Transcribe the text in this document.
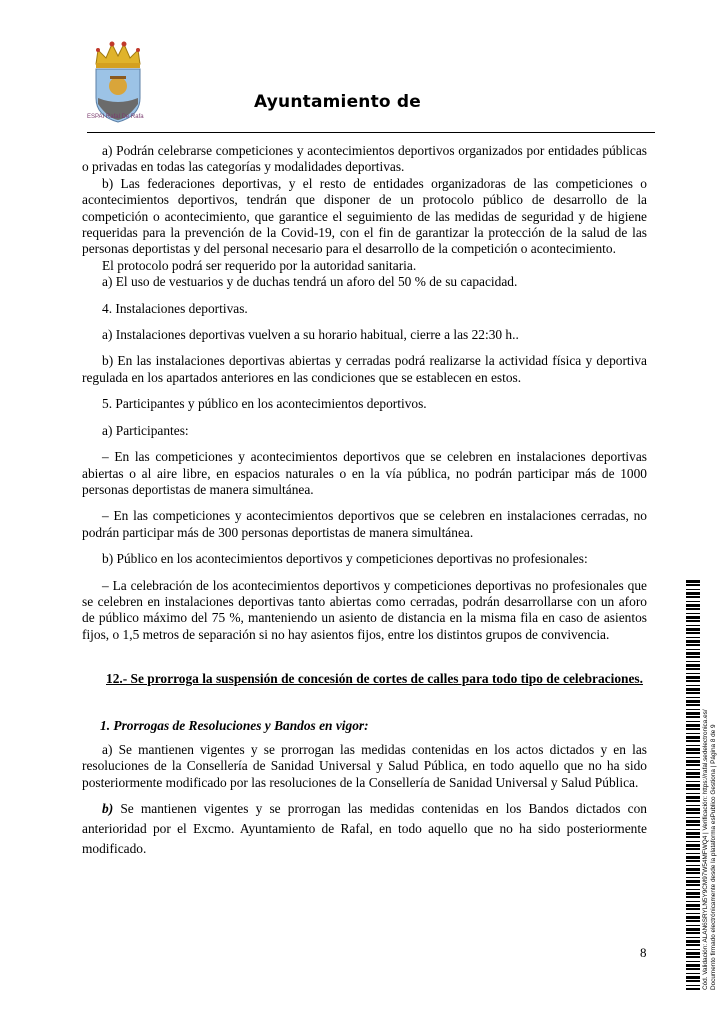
ESPAI Rafal De Rafa
Ayuntamiento de

a) Podrán celebrarse competiciones y acontecimientos deportivos organizados por entidades públicas o privadas en todas las categorías y modalidades deportivas.

b) Las federaciones deportivas, y el resto de entidades organizadoras de las competiciones o acontecimientos deportivos, tendrán que disponer de un protocolo público de desarrollo de la competición o acontecimiento, que garantice el seguimiento de las medidas de seguridad y de higiene requeridas para la prevención de la Covid-19, con el fin de garantizar la protección de la salud de las personas deportistas y del personal necesario para el desarrollo de la competición o acontecimiento.

El protocolo podrá ser requerido por la autoridad sanitaria.

a) El uso de vestuarios y de duchas tendrá un aforo del 50 % de su capacidad.

4. Instalaciones deportivas.

a) Instalaciones deportivas vuelven a su horario habitual, cierre a las 22:30 h..

b) En las instalaciones deportivas abiertas y cerradas podrá realizarse la actividad física y deportiva regulada en los apartados anteriores en las condiciones que se establecen en estos.

5. Participantes y público en los acontecimientos deportivos.

a) Participantes:

– En las competiciones y acontecimientos deportivos que se celebren en instalaciones deportivas abiertas o al aire libre, en espacios naturales o en la vía pública, no podrán participar más de 1000 personas deportistas de manera simultánea.

– En las competiciones y acontecimientos deportivos que se celebren en instalaciones cerradas, no podrán participar más de 300 personas deportistas de manera simultánea.

b) Público en los acontecimientos deportivos y competiciones deportivas no profesionales:

– La celebración de los acontecimientos deportivos y competiciones deportivas no profesionales que se celebren en instalaciones deportivas tanto abiertas como cerradas, podrán desarrollarse con un aforo de público máximo del 75 %, manteniendo un asiento de distancia en la misma fila en caso de asientos fijos, o 1,5 metros de separación si no hay asientos fijos, entre los distintos grupos de convivencia.

12.- Se prorroga la suspensión de concesión de cortes de calles para todo tipo de celebraciones.

1. Prorrogas de Resoluciones y Bandos en vigor:

a) Se mantienen vigentes y se prorrogan las medidas contenidas en los actos dictados y en las resoluciones de la Consellería de Sanidad Universal y Salud Pública, en todo aquello que no ha sido posteriormente modificado por las resoluciones de la Consellería de Sanidad Universal y Salud Pública.

b) Se mantienen vigentes y se prorrogan las medidas contenidas en los Bandos dictados con anterioridad por el Excmo. Ayuntamiento de Rafal, en todo aquello que no ha sido posteriormente modificado.

8	Cód. Validación: ALAN6SRYLN5Y9CM97W54MFWQ4 | Verificación: https://rafal.sedelectronica.es/ Documento firmado electrónicamente desde la plataforma esPublico Gestiona | Página 8 de 9
